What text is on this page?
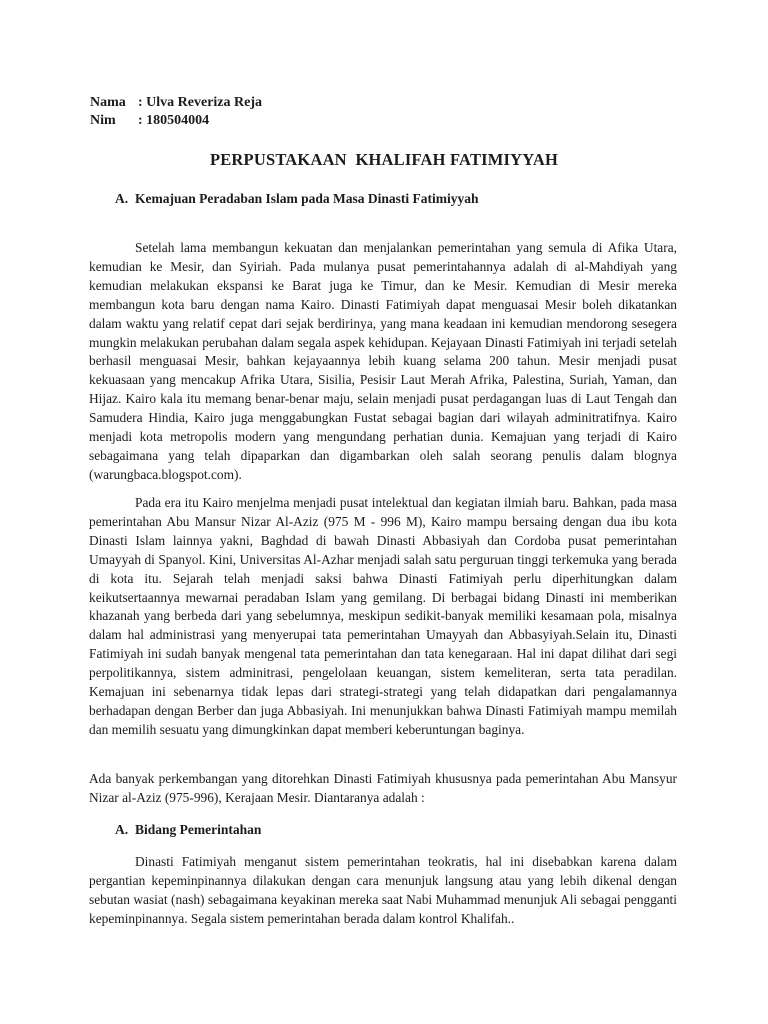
Nama : Ulva Reveriza Reja
Nim	: 180504004
PERPUSTAKAAN  KHALIFAH FATIMIYYAH
A. Kemajuan Peradaban Islam pada Masa Dinasti Fatimiyyah

Setelah lama membangun kekuatan dan menjalankan pemerintahan yang semula di Afika Utara, kemudian ke Mesir, dan Syiriah. Pada mulanya pusat pemerintahannya adalah di al-Mahdiyah yang kemudian melakukan ekspansi ke Barat juga ke Timur, dan ke Mesir. Kemudian di Mesir mereka membangun kota baru dengan nama Kairo. Dinasti Fatimiyah dapat menguasai Mesir boleh dikatankan dalam waktu yang relatif cepat dari sejak berdirinya, yang mana keadaan ini kemudian mendorong sesegera mungkin melakukan perubahan dalam segala aspek kehidupan. Kejayaan Dinasti Fatimiyah ini terjadi setelah berhasil menguasai Mesir, bahkan kejayaannya lebih kuang selama 200 tahun. Mesir menjadi pusat kekuasaan yang mencakup Afrika Utara, Sisilia, Pesisir Laut Merah Afrika, Palestina, Suriah, Yaman, dan Hijaz. Kairo kala itu memang benar-benar maju, selain menjadi pusat perdagangan luas di Laut Tengah dan Samudera Hindia, Kairo juga menggabungkan Fustat sebagai bagian dari wilayah adminitratifnya. Kairo menjadi kota metropolis modern yang mengundang perhatian dunia. Kemajuan yang terjadi di Kairo sebagaimana yang telah dipaparkan dan digambarkan oleh salah seorang penulis dalam blognya (warungbaca.blogspot.com).

Pada era itu Kairo menjelma menjadi pusat intelektual dan kegiatan ilmiah baru. Bahkan, pada masa pemerintahan Abu Mansur Nizar Al-Aziz (975 M - 996 M), Kairo mampu bersaing dengan dua ibu kota Dinasti Islam lainnya yakni, Baghdad di bawah Dinasti Abbasiyah dan Cordoba pusat pemerintahan Umayyah di Spanyol. Kini, Universitas Al-Azhar menjadi salah satu perguruan tinggi terkemuka yang berada di kota itu. Sejarah telah menjadi saksi bahwa Dinasti Fatimiyah perlu diperhitungkan dalam keikutsertaannya mewarnai peradaban Islam yang gemilang. Di berbagai bidang Dinasti ini memberikan khazanah yang berbeda dari yang sebelumnya, meskipun sedikit-banyak memiliki kesamaan pola, misalnya dalam hal administrasi yang menyerupai tata pemerintahan Umayyah dan Abbasyiyah.Selain itu, Dinasti Fatimiyah ini sudah banyak mengenal tata pemerintahan dan tata kenegaraan. Hal ini dapat dilihat dari segi perpolitikannya, sistem adminitrasi, pengelolaan keuangan, sistem kemeliteran, serta tata peradilan. Kemajuan ini sebenarnya tidak lepas dari strategi-strategi yang telah didapatkan dari pengalamannya berhadapan dengan Berber dan juga Abbasiyah. Ini menunjukkan bahwa Dinasti Fatimiyah mampu memilah dan memilih sesuatu yang dimungkinkan dapat memberi keberuntungan baginya.

Ada banyak perkembangan yang ditorehkan Dinasti Fatimiyah khususnya pada pemerintahan Abu Mansyur Nizar al-Aziz (975-996), Kerajaan Mesir. Diantaranya adalah :

A. Bidang Pemerintahan

Dinasti Fatimiyah menganut sistem pemerintahan teokratis, hal ini disebabkan karena dalam pergantian kepeminpinannya dilakukan dengan cara menunjuk langsung atau yang lebih dikenal dengan sebutan wasiat (nash) sebagaimana keyakinan mereka saat Nabi Muhammad menunjuk Ali sebagai pengganti kepeminpinannya. Segala sistem pemerintahan berada dalam kontrol Khalifah..
